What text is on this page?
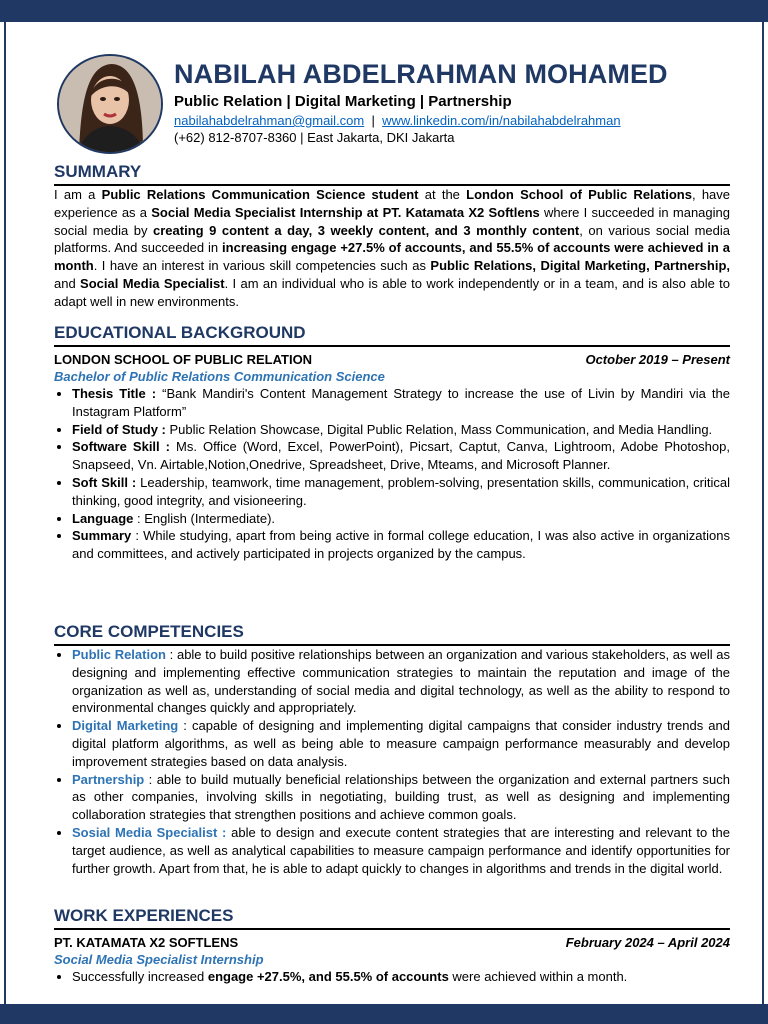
NABILAH ABDELRAHMAN MOHAMED
Public Relation | Digital Marketing | Partnership
nabilahabdelrahman@gmail.com | www.linkedin.com/in/nabilahabdelrahman
(+62) 812-8707-8360 | East Jakarta, DKI Jakarta
SUMMARY
I am a Public Relations Communication Science student at the London School of Public Relations, have experience as a Social Media Specialist Internship at PT. Katamata X2 Softlens where I succeeded in managing social media by creating 9 content a day, 3 weekly content, and 3 monthly content, on various social media platforms. And succeeded in increasing engage +27.5% of accounts, and 55.5% of accounts were achieved in a month. I have an interest in various skill competencies such as Public Relations, Digital Marketing, Partnership, and Social Media Specialist. I am an individual who is able to work independently or in a team, and is also able to adapt well in new environments.
EDUCATIONAL BACKGROUND
LONDON SCHOOL OF PUBLIC RELATION	October 2019 – Present
Bachelor of Public Relations Communication Science
• Thesis Title : “Bank Mandiri's Content Management Strategy to increase the use of Livin by Mandiri via the Instagram Platform”
• Field of Study : Public Relation Showcase, Digital Public Relation, Mass Communication, and Media Handling.
• Software Skill : Ms. Office (Word, Excel, PowerPoint), Picsart, Captut, Canva, Lightroom, Adobe Photoshop, Snapseed, Vn. Airtable,Notion,Onedrive, Spreadsheet, Drive, Mteams, and Microsoft Planner.
• Soft Skill : Leadership, teamwork, time management, problem-solving, presentation skills, communication, critical thinking, good integrity, and visioneering.
• Language : English (Intermediate).
• Summary : While studying, apart from being active in formal college education, I was also active in organizations and committees, and actively participated in projects organized by the campus.
CORE COMPETENCIES
• Public Relation : able to build positive relationships between an organization and various stakeholders, as well as designing and implementing effective communication strategies to maintain the reputation and image of the organization as well as, understanding of social media and digital technology, as well as the ability to respond to environmental changes quickly and appropriately.
• Digital Marketing : capable of designing and implementing digital campaigns that consider industry trends and digital platform algorithms, as well as being able to measure campaign performance measurably and develop improvement strategies based on data analysis.
• Partnership : able to build mutually beneficial relationships between the organization and external partners such as other companies, involving skills in negotiating, building trust, as well as designing and implementing collaboration strategies that strengthen positions and achieve common goals.
• Sosial Media Specialist : able to design and execute content strategies that are interesting and relevant to the target audience, as well as analytical capabilities to measure campaign performance and identify opportunities for further growth. Apart from that, he is able to adapt quickly to changes in algorithms and trends in the digital world.
WORK EXPERIENCES
PT. KATAMATA X2 SOFTLENS	February 2024 – April 2024
Social Media Specialist Internship
• Successfully increased engage +27.5%, and 55.5% of accounts were achieved within a month.
